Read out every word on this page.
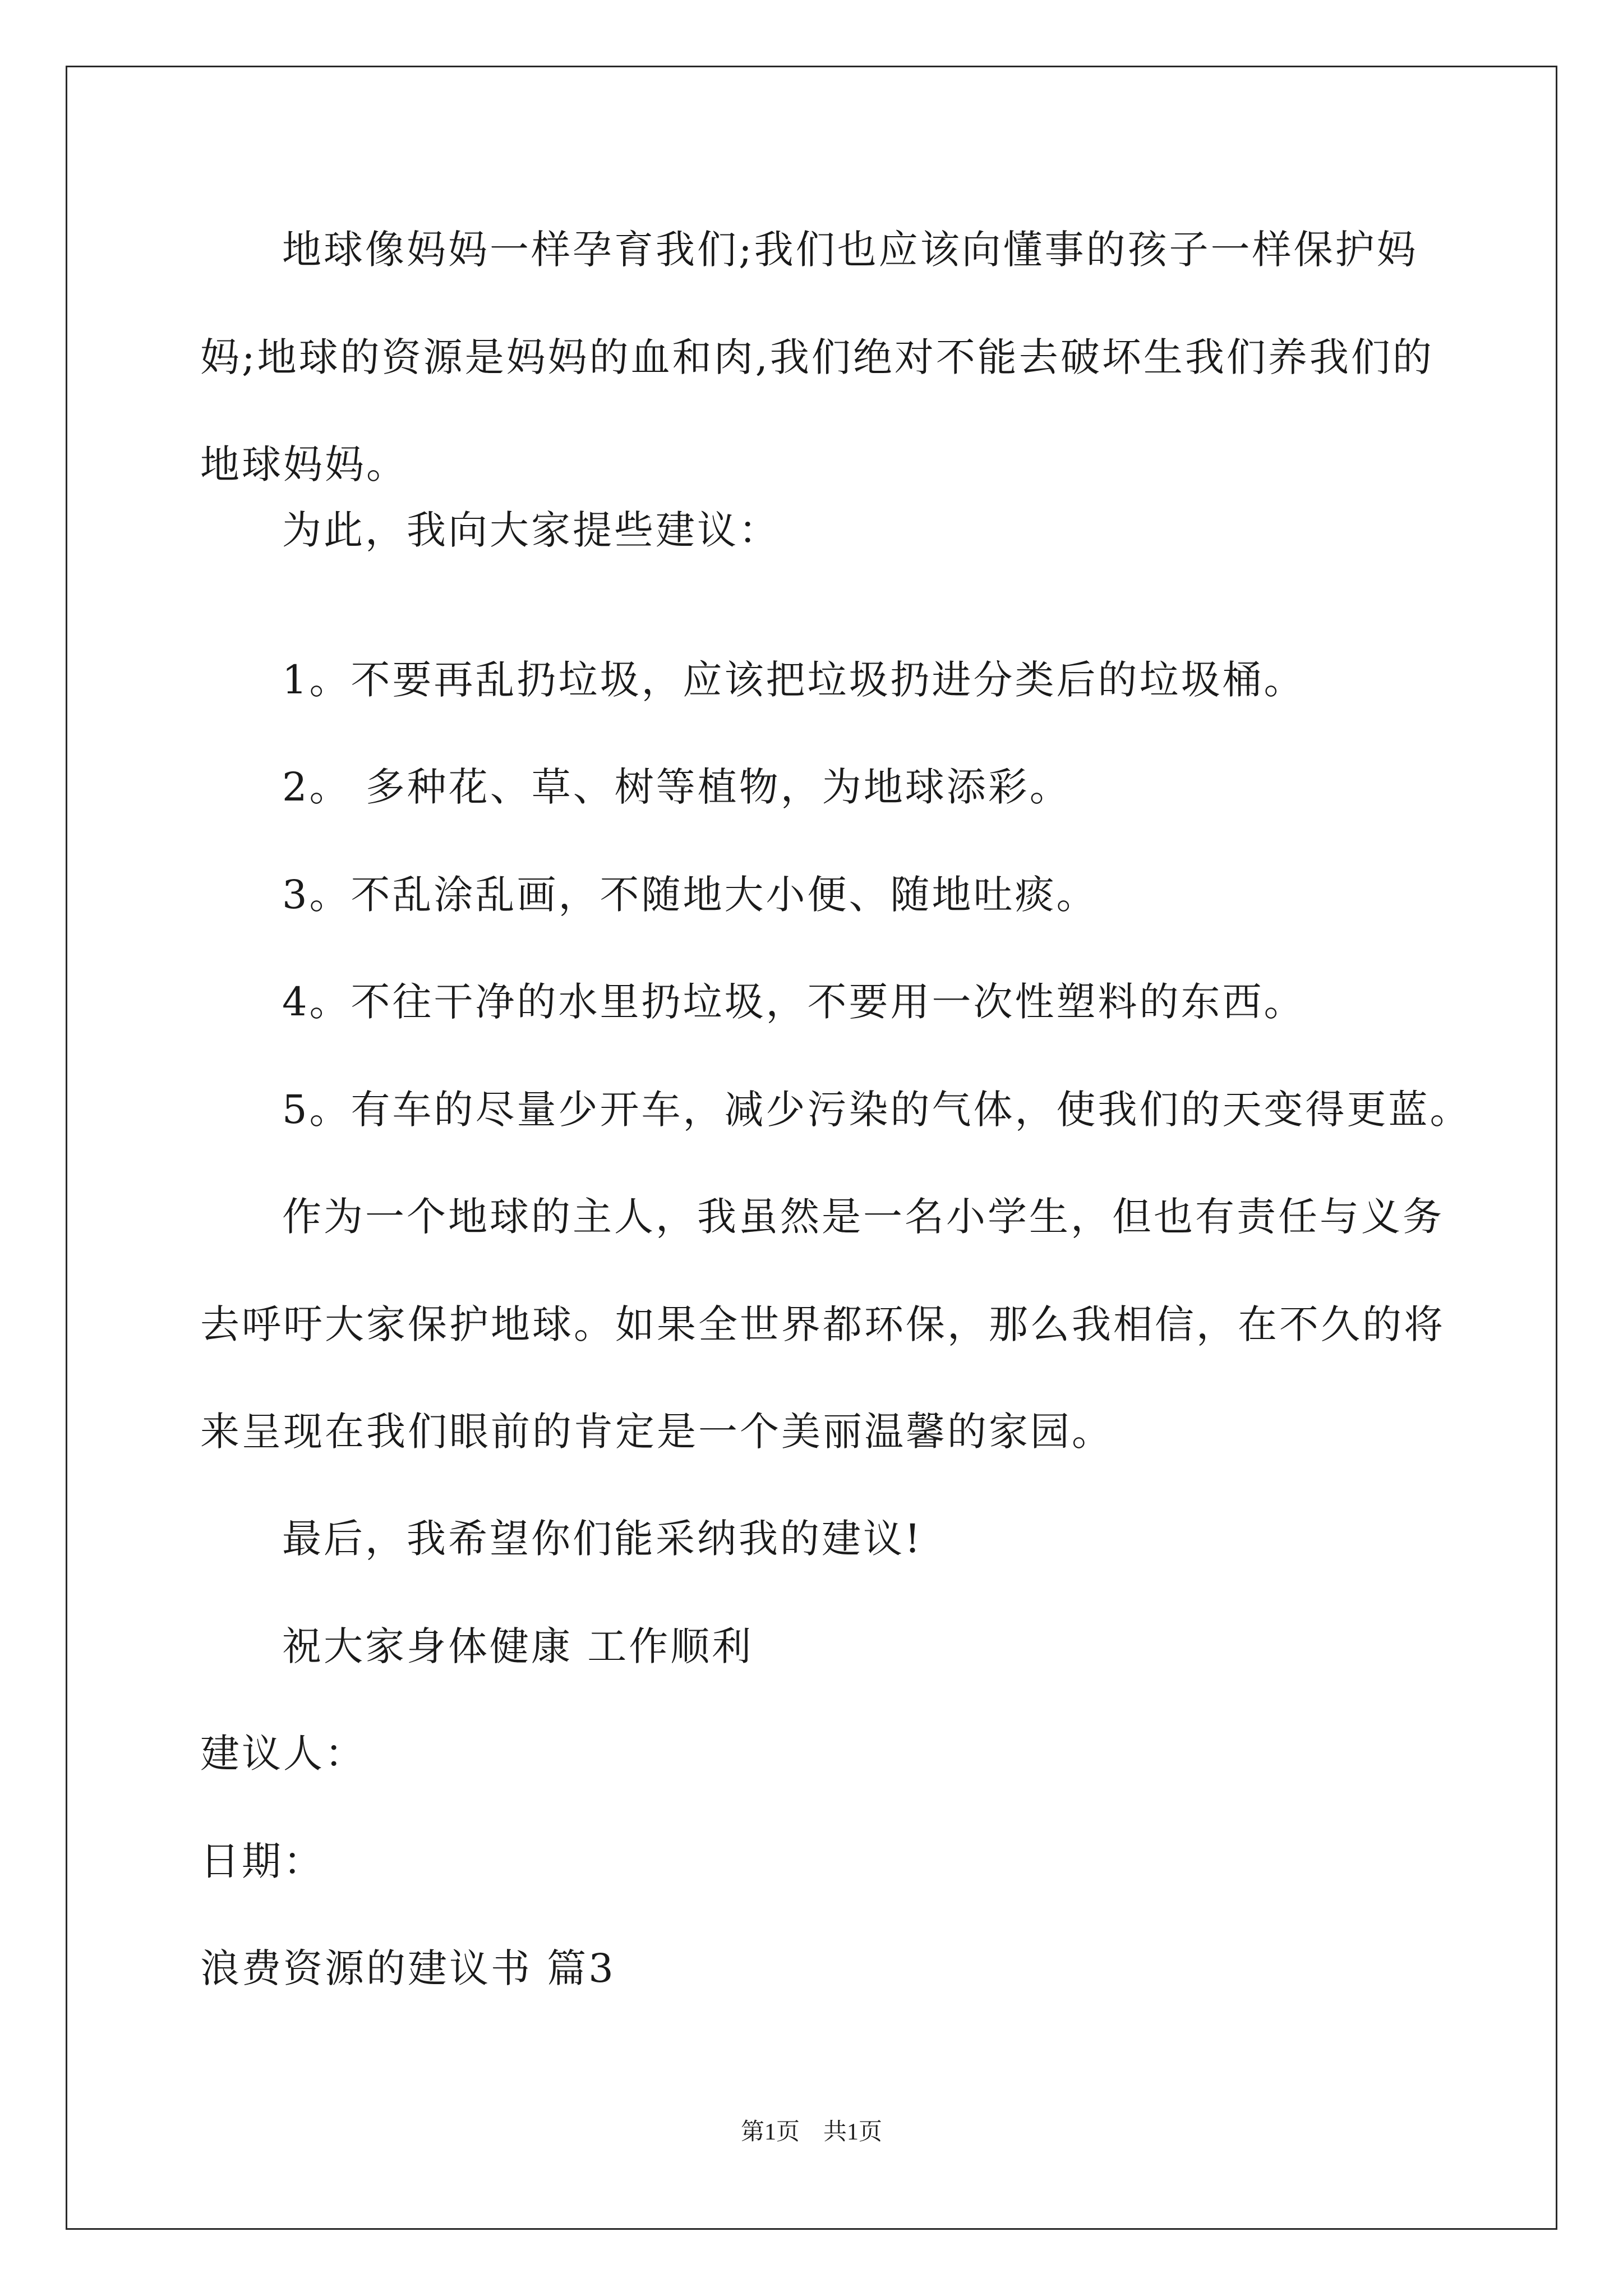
地球像妈妈一样孕育我们;我们也应该向懂事的孩子一样保护妈
妈;地球的资源是妈妈的血和肉,我们绝对不能去破坏生我们养我们的
地球妈妈。
为此，我向大家提些建议：
1。不要再乱扔垃圾，应该把垃圾扔进分类后的垃圾桶。
2。 多种花、草、树等植物，为地球添彩。
3。不乱涂乱画，不随地大小便、随地吐痰。
4。不往干净的水里扔垃圾，不要用一次性塑料的东西。
5。有车的尽量少开车，减少污染的气体，使我们的天变得更蓝。
作为一个地球的主人，我虽然是一名小学生，但也有责任与义务
去呼吁大家保护地球。如果全世界都环保，那么我相信，在不久的将
来呈现在我们眼前的肯定是一个美丽温馨的家园。
最后，我希望你们能采纳我的建议!
祝大家身体健康 工作顺利
建议人：
日期：
浪费资源的建议书 篇3
第1页　共1页
